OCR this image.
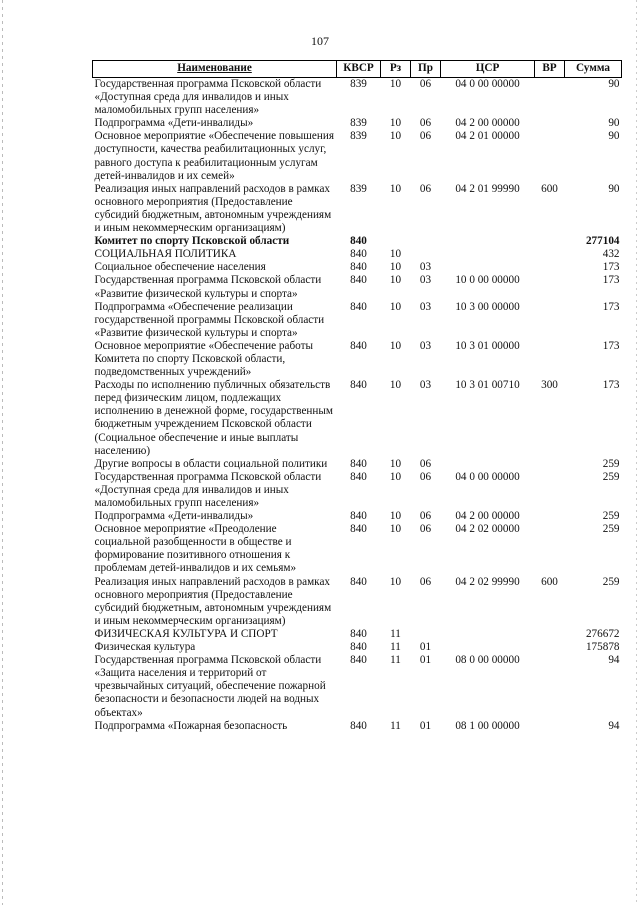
107
Наименование	КВСР	Рз	Пр	ЦСР	ВР	Сумма
Государственная программа Псковской области «Доступная среда для инвалидов и иных маломобильных групп населения»	839	10	06	04 0 00 00000		90
Подпрограмма «Дети-инвалиды»	839	10	06	04 2 00 00000		90
Основное мероприятие «Обеспечение повышения доступности, качества реабилитационных услуг, равного доступа к реабилитационным услугам детей-инвалидов и их семей»	839	10	06	04 2 01 00000		90
Реализация иных направлений расходов в рамках основного мероприятия (Предоставление субсидий бюджетным, автономным учреждениям и иным некоммерческим организациям)	839	10	06	04 2 01 99990	600	90
Комитет по спорту Псковской области	840					277104
СОЦИАЛЬНАЯ ПОЛИТИКА	840	10				432
Социальное обеспечение населения	840	10	03			173
Государственная программа Псковской области «Развитие физической культуры и спорта»	840	10	03	10 0 00 00000		173
Подпрограмма «Обеспечение реализации государственной программы Псковской области «Развитие физической культуры и спорта»	840	10	03	10 3 00 00000		173
Основное мероприятие «Обеспечение работы Комитета по спорту Псковской области, подведомственных учреждений»	840	10	03	10 3 01 00000		173
Расходы по исполнению публичных обязательств перед физическим лицом, подлежащих исполнению в денежной форме, государственным бюджетным учреждением Псковской области (Социальное обеспечение и иные выплаты населению)	840	10	03	10 3 01 00710	300	173
Другие вопросы в области социальной политики	840	10	06			259
Государственная программа Псковской области «Доступная среда для инвалидов и иных маломобильных групп населения»	840	10	06	04 0 00 00000		259
Подпрограмма «Дети-инвалиды»	840	10	06	04 2 00 00000		259
Основное мероприятие «Преодоление социальной разобщенности в обществе и формирование позитивного отношения к проблемам детей-инвалидов и их семьям»	840	10	06	04 2 02 00000		259
Реализация иных направлений расходов в рамках основного мероприятия (Предоставление субсидий бюджетным, автономным учреждениям и иным некоммерческим организациям)	840	10	06	04 2 02 99990	600	259
ФИЗИЧЕСКАЯ КУЛЬТУРА И СПОРТ	840	11				276672
Физическая культура	840	11	01			175878
Государственная программа Псковской области «Защита населения и территорий от чрезвычайных ситуаций, обеспечение пожарной безопасности и безопасности людей на водных объектах»	840	11	01	08 0 00 00000		94
Подпрограмма «Пожарная безопасность	840	11	01	08 1 00 00000		94
